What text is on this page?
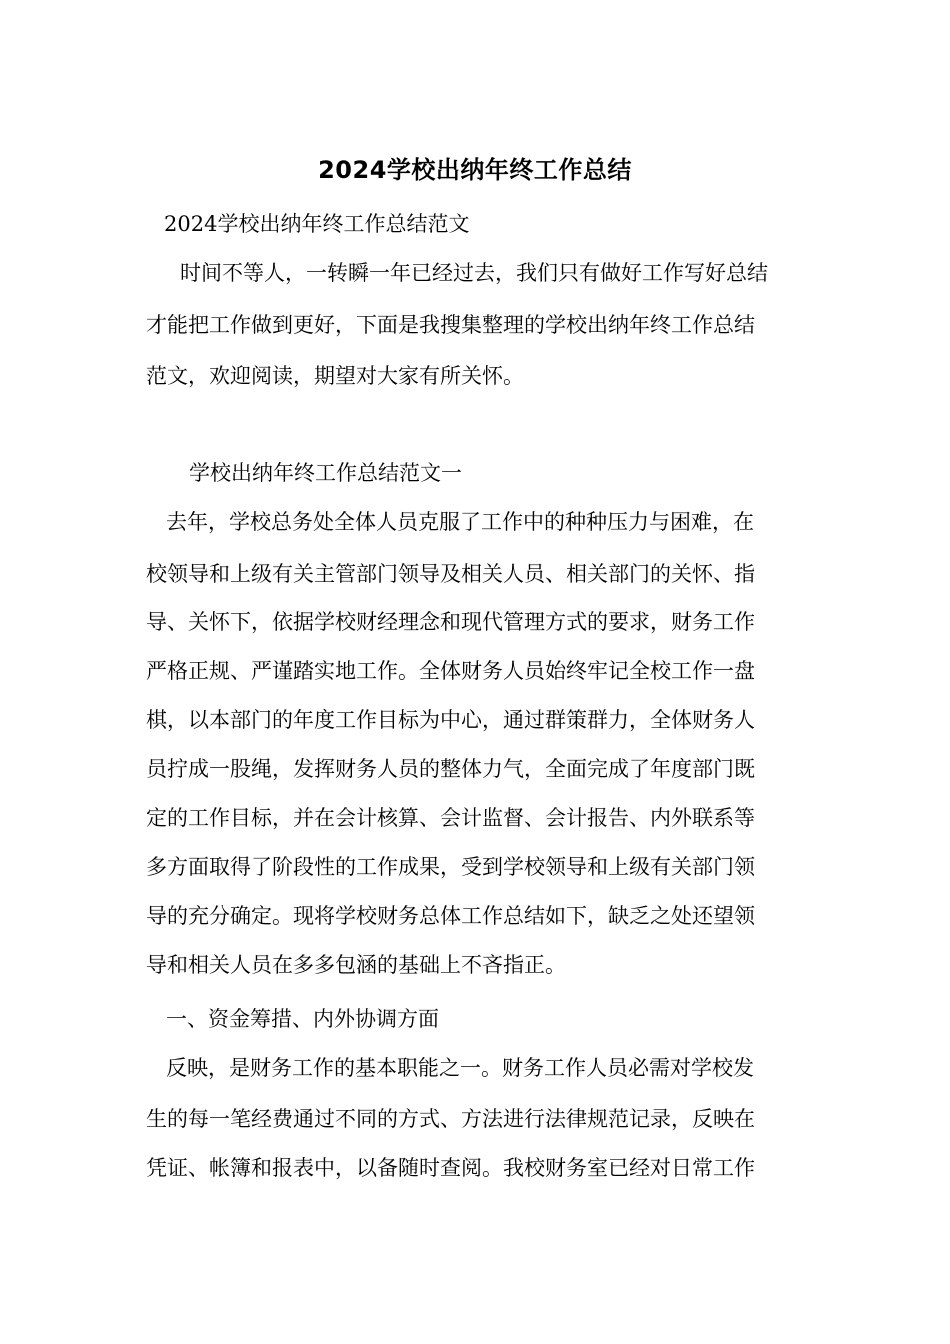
2024学校出纳年终工作总结
2024学校出纳年终工作总结范文
时间不等人，一转瞬一年已经过去，我们只有做好工作写好总结
才能把工作做到更好，下面是我搜集整理的学校出纳年终工作总结
范文，欢迎阅读，期望对大家有所关怀。
学校出纳年终工作总结范文一
去年，学校总务处全体人员克服了工作中的种种压力与困难，在
校领导和上级有关主管部门领导及相关人员、相关部门的关怀、指
导、关怀下，依据学校财经理念和现代管理方式的要求，财务工作
严格正规、严谨踏实地工作。全体财务人员始终牢记全校工作一盘
棋，以本部门的年度工作目标为中心，通过群策群力，全体财务人
员拧成一股绳，发挥财务人员的整体力气，全面完成了年度部门既
定的工作目标，并在会计核算、会计监督、会计报告、内外联系等
多方面取得了阶段性的工作成果，受到学校领导和上级有关部门领
导的充分确定。现将学校财务总体工作总结如下，缺乏之处还望领
导和相关人员在多多包涵的基础上不吝指正。
一、资金筹措、内外协调方面
反映，是财务工作的基本职能之一。财务工作人员必需对学校发
生的每一笔经费通过不同的方式、方法进行法律规范记录，反映在
凭证、帐簿和报表中，以备随时查阅。我校财务室已经对日常工作
